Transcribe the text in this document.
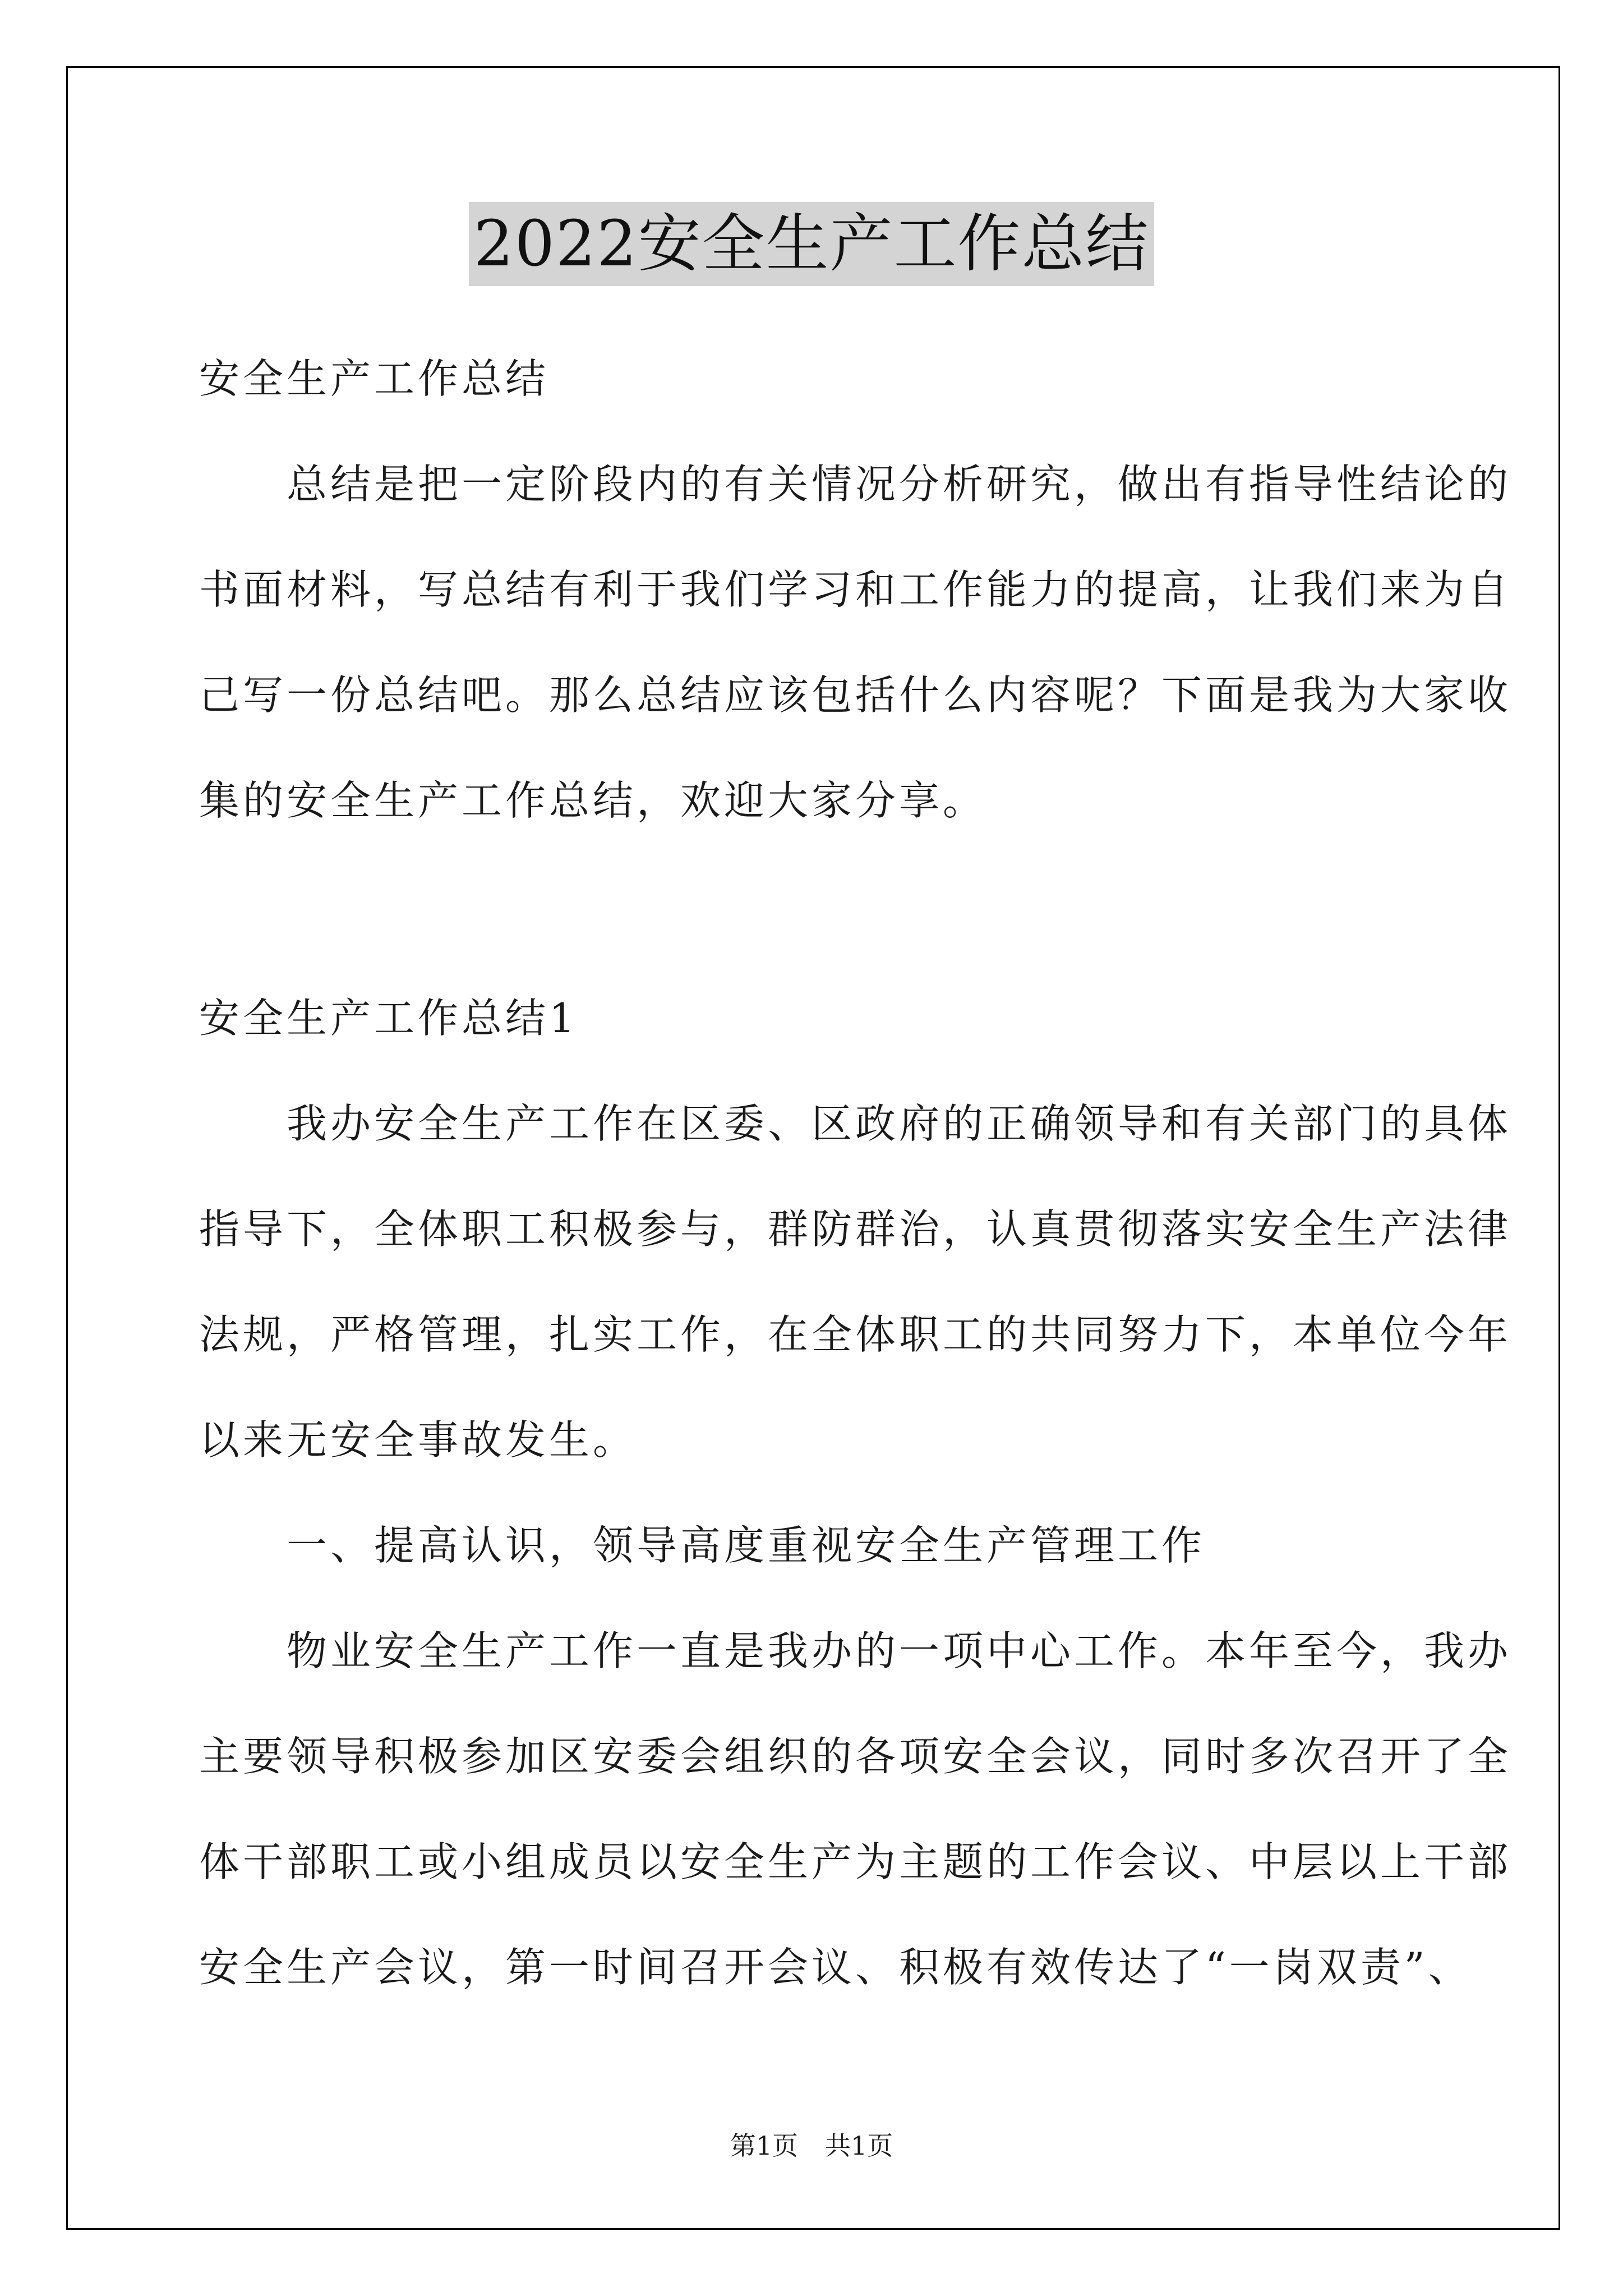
2022安全生产工作总结
安全生产工作总结
　　总结是把一定阶段内的有关情况分析研究，做出有指导性结论的
书面材料，写总结有利于我们学习和工作能力的提高，让我们来为自
己写一份总结吧。那么总结应该包括什么内容呢？下面是我为大家收
集的安全生产工作总结，欢迎大家分享。
安全生产工作总结1
　　我办安全生产工作在区委、区政府的正确领导和有关部门的具体
指导下，全体职工积极参与，群防群治，认真贯彻落实安全生产法律
法规，严格管理，扎实工作，在全体职工的共同努力下，本单位今年
以来无安全事故发生。
　　一、提高认识，领导高度重视安全生产管理工作
　　物业安全生产工作一直是我办的一项中心工作。本年至今，我办
主要领导积极参加区安委会组织的各项安全会议，同时多次召开了全
体干部职工或小组成员以安全生产为主题的工作会议、中层以上干部
安全生产会议，第一时间召开会议、积极有效传达了“一岗双责”、
第1页 共1页
